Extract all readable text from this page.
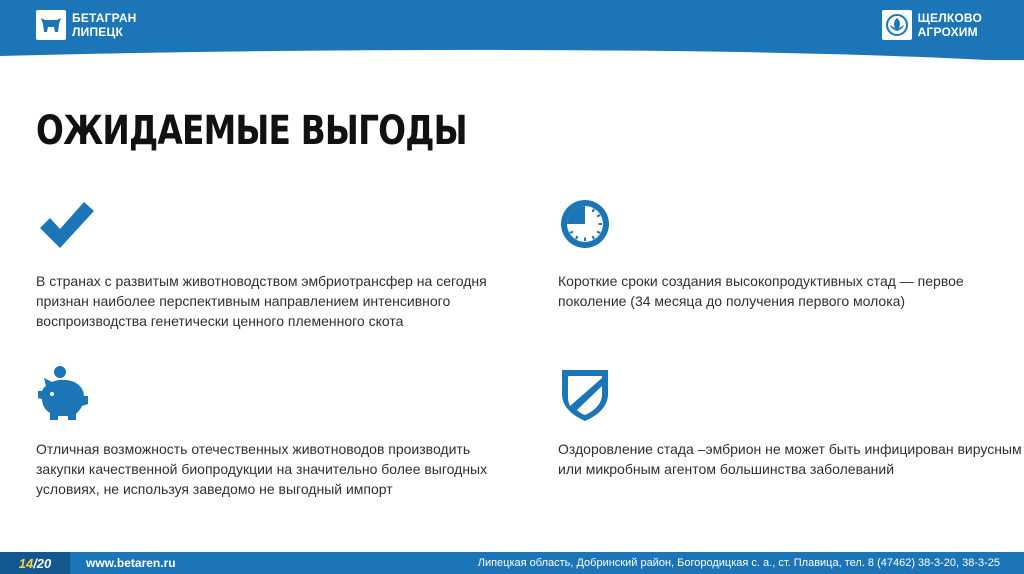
БЕТАГРАН
ЛИПЕЦК
ЩЕЛКОВО
АГРОХИМ
ОЖИДАЕМЫЕ ВЫГОДЫ

В странах с развитым животноводством эмбриотрансфер на сегодня признан наиболее перспективным направлением интенсивного воспроизводства генетически ценного племенного скота

Короткие сроки создания высокопродуктивных стад — первое поколение (34 месяца до получения первого молока)

Отличная возможность отечественных животноводов производить закупки качественной биопродукции на значительно более выгодных условиях, не используя заведомо не выгодный импорт

Оздоровление стада –эмбрион не может быть инфицирован вирусным или микробным агентом большинства заболеваний

14 /20	www.betaren.ru	Липецкая область, Добринский район, Богородицкая с. а., ст. Плавица, тел. 8 (47462) 38-3-20, 38-3-25
